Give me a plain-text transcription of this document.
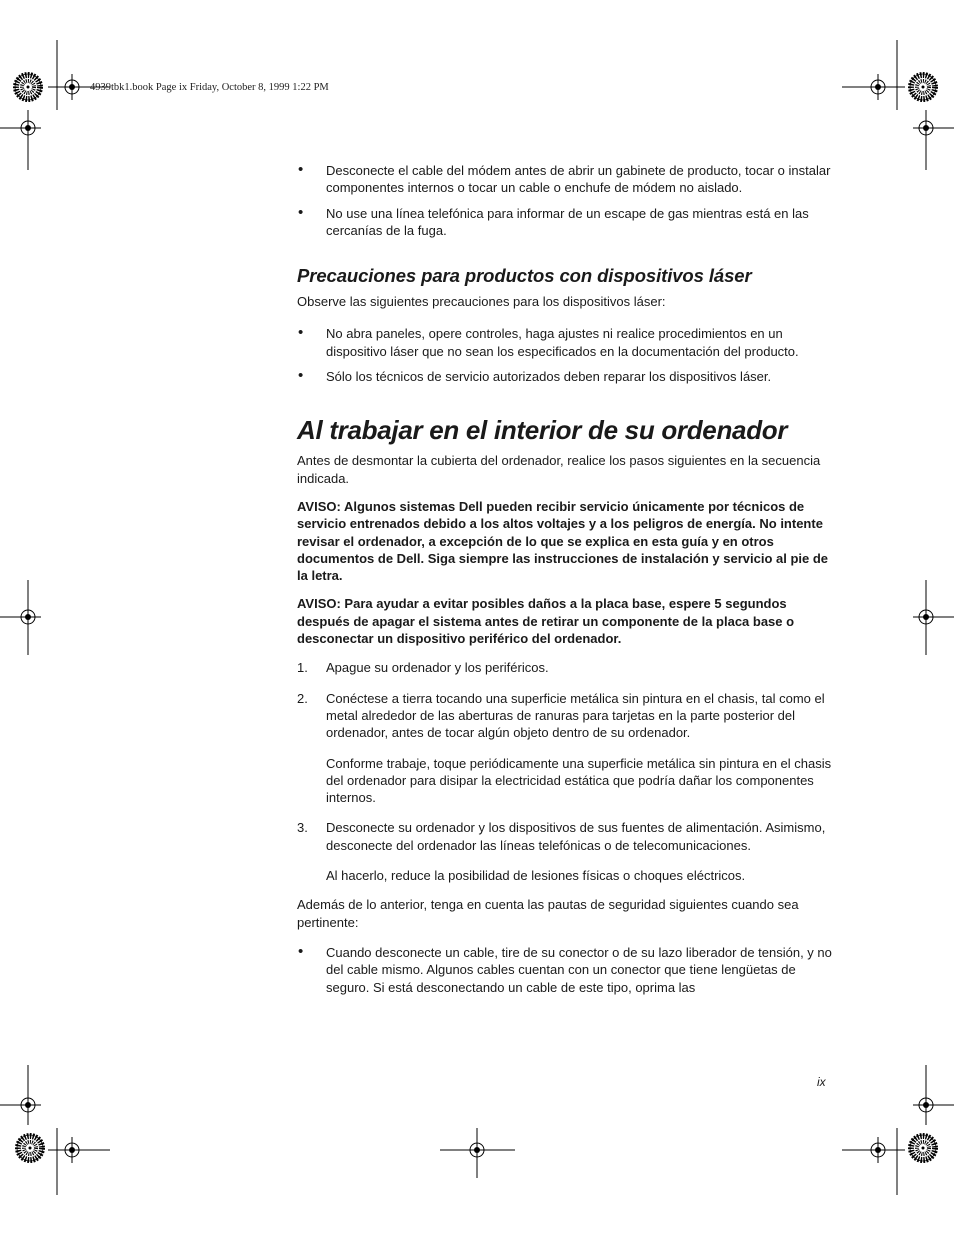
4939tbk1.book Page ix Friday, October 8, 1999 1:22 PM
• Desconecte el cable del módem antes de abrir un gabinete de producto, tocar o instalar componentes internos o tocar un cable o enchufe de módem no aislado.

• No use una línea telefónica para informar de un escape de gas mientras está en las cercanías de la fuga.

Precauciones para productos con dispositivos láser

Observe las siguientes precauciones para los dispositivos láser:

• No abra paneles, opere controles, haga ajustes ni realice procedimientos en un dispositivo láser que no sean los especificados en la documentación del producto.

• Sólo los técnicos de servicio autorizados deben reparar los dispositivos láser.

Al trabajar en el interior de su ordenador

Antes de desmontar la cubierta del ordenador, realice los pasos siguientes en la secuencia indicada.

AVISO: Algunos sistemas Dell pueden recibir servicio únicamente por técnicos de servicio entrenados debido a los altos voltajes y a los peligros de energía. No intente revisar el ordenador, a excepción de lo que se explica en esta guía y en otros documentos de Dell. Siga siempre las instrucciones de instalación y servicio al pie de la letra.

AVISO: Para ayudar a evitar posibles daños a la placa base, espere 5 segundos después de apagar el sistema antes de retirar un componente de la placa base o desconectar un dispositivo periférico del ordenador.

1. Apague su ordenador y los periféricos.

2. Conéctese a tierra tocando una superficie metálica sin pintura en el chasis, tal como el metal alrededor de las aberturas de ranuras para tarjetas en la parte posterior del ordenador, antes de tocar algún objeto dentro de su ordenador.

Conforme trabaje, toque periódicamente una superficie metálica sin pintura en el chasis del ordenador para disipar la electricidad estática que podría dañar los componentes internos.

3. Desconecte su ordenador y los dispositivos de sus fuentes de alimentación. Asimismo, desconecte del ordenador las líneas telefónicas o de telecomunicaciones.

Al hacerlo, reduce la posibilidad de lesiones físicas o choques eléctricos.

Además de lo anterior, tenga en cuenta las pautas de seguridad siguientes cuando sea pertinente:

• Cuando desconecte un cable, tire de su conector o de su lazo liberador de tensión, y no del cable mismo. Algunos cables cuentan con un conector que tiene lengüetas de seguro. Si está desconectando un cable de este tipo, oprima las

ix
